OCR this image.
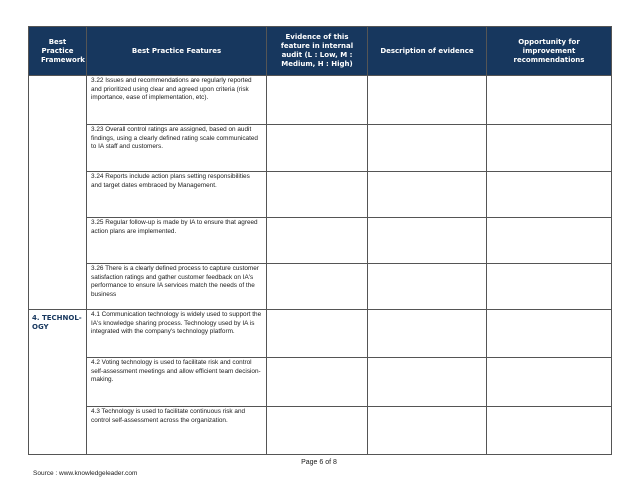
Best Practice Framework	Best Practice Features	Evidence of this feature in internal audit (L : Low, M : Medium, H : High)	Description of evidence	Opportunity for improvement recommendations
	3.22 Issues and recommendations are regularly reported and prioritized using clear and agreed upon criteria (risk importance, ease of implementation, etc).			
	3.23 Overall control ratings are assigned, based on audit findings, using a clearly defined rating scale communicated to IA staff and customers.			
	3.24 Reports include action plans setting responsibilities and target dates embraced by Management.			
	3.25 Regular follow-up is made by IA to ensure that agreed action plans are implemented.			
	3.26 There is a clearly defined process to capture customer satisfaction ratings and gather customer feedback on IA's performance to ensure IA services match the needs of the business			
4. TECHNOL-OGY	4.1 Communication technology is widely used to support the IA's knowledge sharing process. Technology used by IA is integrated with the company's technology platform.			
	4.2 Voting technology is used to facilitate risk and control self-assessment meetings and allow efficient team decision-making.			
	4.3 Technology is used to facilitate continuous risk and control self-assessment across the organization.			
Page 6 of 8
Source : www.knowledgeleader.com
